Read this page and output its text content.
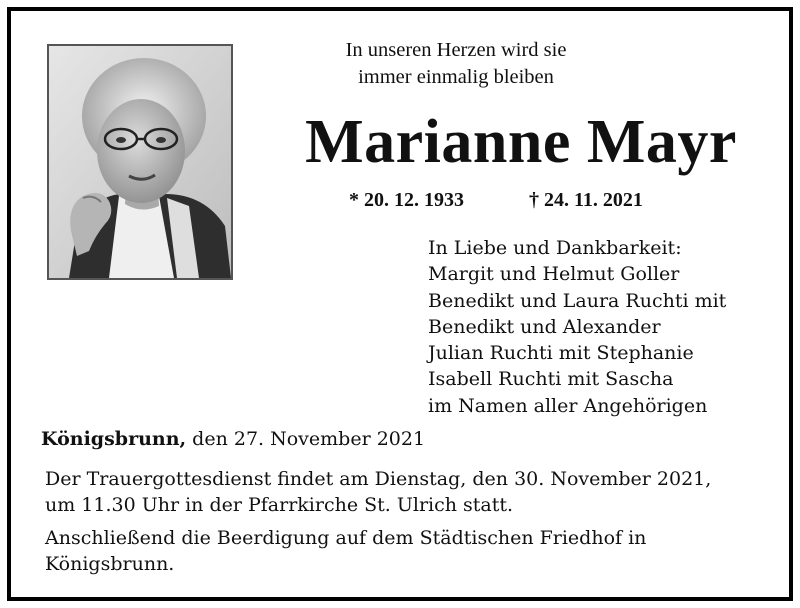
In unseren Herzen wird sie
immer einmalig bleiben
Marianne Mayr
* 20. 12. 1933	† 24. 11. 2021
In Liebe und Dankbarkeit:
Margit und Helmut Goller
Benedikt und Laura Ruchti mit
Benedikt und Alexander
Julian Ruchti mit Stephanie
Isabell Ruchti mit Sascha
im Namen aller Angehörigen
Königsbrunn, den 27. November 2021
Der Trauergottesdienst findet am Dienstag, den 30. November 2021,
um 11.30 Uhr in der Pfarrkirche St. Ulrich statt.
Anschließend die Beerdigung auf dem Städtischen Friedhof in
Königsbrunn.
